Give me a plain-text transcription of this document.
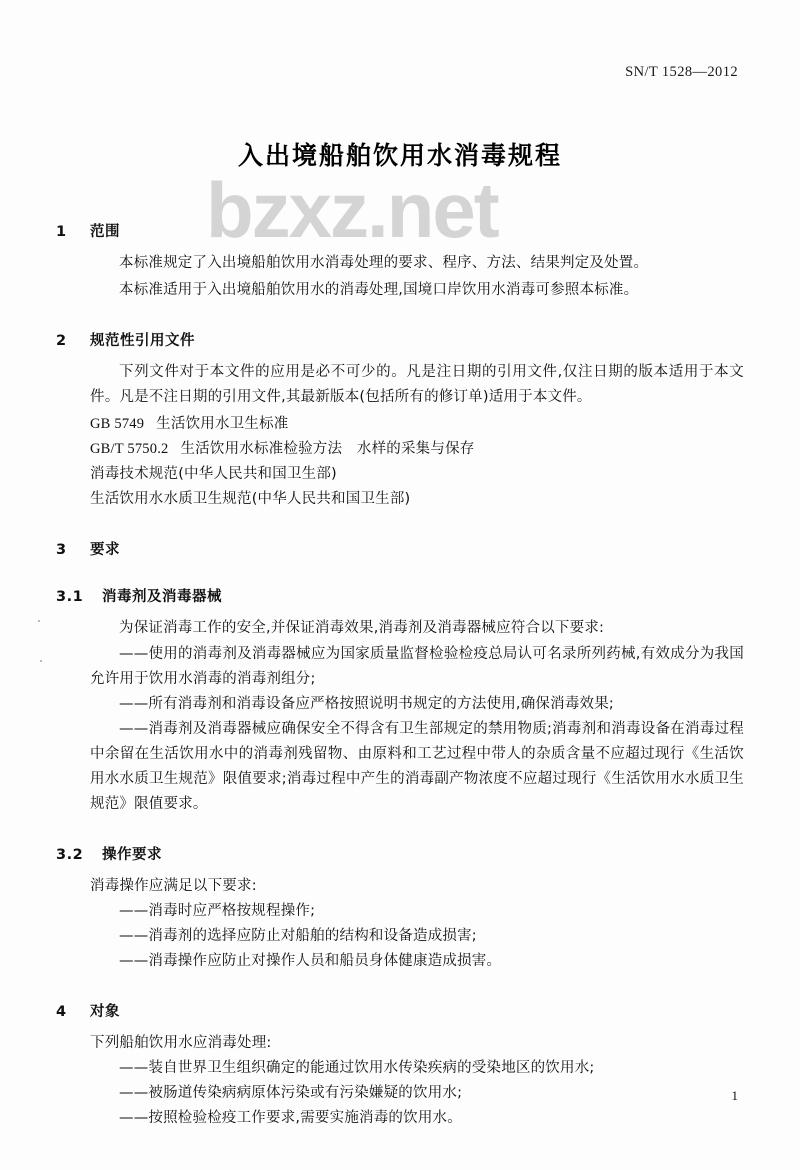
SN/T 1528—2012
入出境船舶饮用水消毒规程
bzxz.net
1 范围
本标准规定了入出境船舶饮用水消毒处理的要求、程序、方法、结果判定及处置。
本标准适用于入出境船舶饮用水的消毒处理,国境口岸饮用水消毒可参照本标准。
2 规范性引用文件
下列文件对于本文件的应用是必不可少的。凡是注日期的引用文件,仅注日期的版本适用于本文件。凡是不注日期的引用文件,其最新版本(包括所有的修订单)适用于本文件。
GB 5749 生活饮用水卫生标准
GB/T 5750.2 生活饮用水标准检验方法　水样的采集与保存
消毒技术规范(中华人民共和国卫生部)
生活饮用水水质卫生规范(中华人民共和国卫生部)
3 要求
3.1 消毒剂及消毒器械
为保证消毒工作的安全,并保证消毒效果,消毒剂及消毒器械应符合以下要求:
——使用的消毒剂及消毒器械应为国家质量监督检验检疫总局认可名录所列药械,有效成分为我国允许用于饮用水消毒的消毒剂组分;
——所有消毒剂和消毒设备应严格按照说明书规定的方法使用,确保消毒效果;
——消毒剂及消毒器械应确保安全不得含有卫生部规定的禁用物质;消毒剂和消毒设备在消毒过程中余留在生活饮用水中的消毒剂残留物、由原料和工艺过程中带人的杂质含量不应超过现行《生活饮用水水质卫生规范》限值要求;消毒过程中产生的消毒副产物浓度不应超过现行《生活饮用水水质卫生规范》限值要求。
3.2 操作要求
消毒操作应满足以下要求:
——消毒时应严格按规程操作;
——消毒剂的选择应防止对船舶的结构和设备造成损害;
——消毒操作应防止对操作人员和船员身体健康造成损害。
4 对象
下列船舶饮用水应消毒处理:
——装自世界卫生组织确定的能通过饮用水传染疾病的受染地区的饮用水;
——被肠道传染病病原体污染或有污染嫌疑的饮用水;
——按照检验检疫工作要求,需要实施消毒的饮用水。
1
